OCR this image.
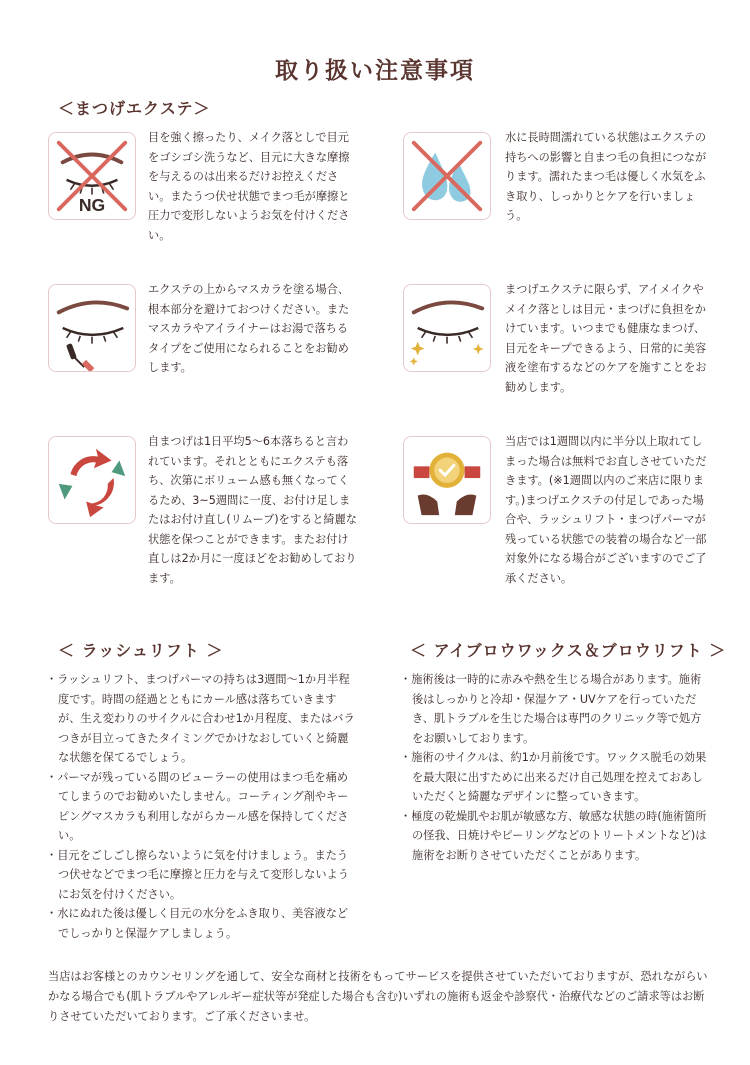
取り扱い注意事項
＜まつげエクステ＞
NG
目を強く擦ったり、メイク落としで目元をゴシゴシ洗うなど、目元に大きな摩擦を与えるのは出来るだけお控えください。またうつ伏せ状態でまつ毛が摩擦と圧力で変形しないようお気を付けください。
水に長時間濡れている状態はエクステの持ちへの影響と自まつ毛の負担につながります。濡れたまつ毛は優しく水気をふき取り、しっかりとケアを行いましょう。
エクステの上からマスカラを塗る場合、根本部分を避けておつけください。またマスカラやアイライナーはお湯で落ちるタイプをご使用になられることをお勧めします。
まつげエクステに限らず、アイメイクやメイク落としは目元・まつげに負担をかけています。いつまでも健康なまつげ、目元をキープできるよう、日常的に美容液を塗布するなどのケアを施すことをお勧めします。
自まつげは1日平均5〜6本落ちると言われています。それとともにエクステも落ち、次第にボリューム感も無くなってくるため、3~5週間に一度、お付け足しまたはお付け直し(リムーブ)をすると綺麗な状態を保つことができます。またお付け直しは2か月に一度ほどをお勧めしております。
当店では1週間以内に半分以上取れてしまった場合は無料でお直しさせていただきます。(※1週間以内のご来店に限ります。)まつげエクステの付足しであった場合や、ラッシュリフト・まつげパーマが残っている状態での装着の場合など一部対象外になる場合がございますのでご了承ください。
＜ ラッシュリフト ＞
・ ラッシュリフト、まつげパーマの持ちは3週間〜1か月半程度です。時間の経過とともにカール感は落ちていきますが、生え変わりのサイクルに合わせ1か月程度、またはバラつきが目立ってきたタイミングでかけなおしていくと綺麗な状態を保てるでしょう。
・ パーマが残っている間のビューラーの使用はまつ毛を痛めてしまうのでお勧めいたしません。コーティング剤やキーピングマスカラも利用しながらカール感を保持してください。
・ 目元をごしごし擦らないように気を付けましょう。またうつ伏せなどでまつ毛に摩擦と圧力を与えて変形しないようにお気を付けください。
・ 水にぬれた後は優しく目元の水分をふき取り、美容液などでしっかりと保湿ケアしましょう。
＜ アイブロウワックス＆ブロウリフト ＞
・ 施術後は一時的に赤みや熱を生じる場合があります。施術後はしっかりと冷却・保湿ケア・UVケアを行っていただき、肌トラブルを生じた場合は専門のクリニック等で処方をお願いしております。
・ 施術のサイクルは、約1か月前後です。ワックス脱毛の効果を最大限に出すために出来るだけ自己処理を控えておあしいただくと綺麗なデザインに整っていきます。
・ 極度の乾燥肌やお肌が敏感な方、敏感な状態の時(施術箇所の怪我、日焼けやピーリングなどのトリートメントなど)は施術をお断りさせていただくことがあります。
当店はお客様とのカウンセリングを通して、安全な商材と技術をもってサービスを提供させていただいておりますが、恐れながらいかなる場合でも(肌トラブルやアレルギー症状等が発症した場合も含む)いずれの施術も返金や診察代・治療代などのご請求等はお断りさせていただいております。ご了承くださいませ。
